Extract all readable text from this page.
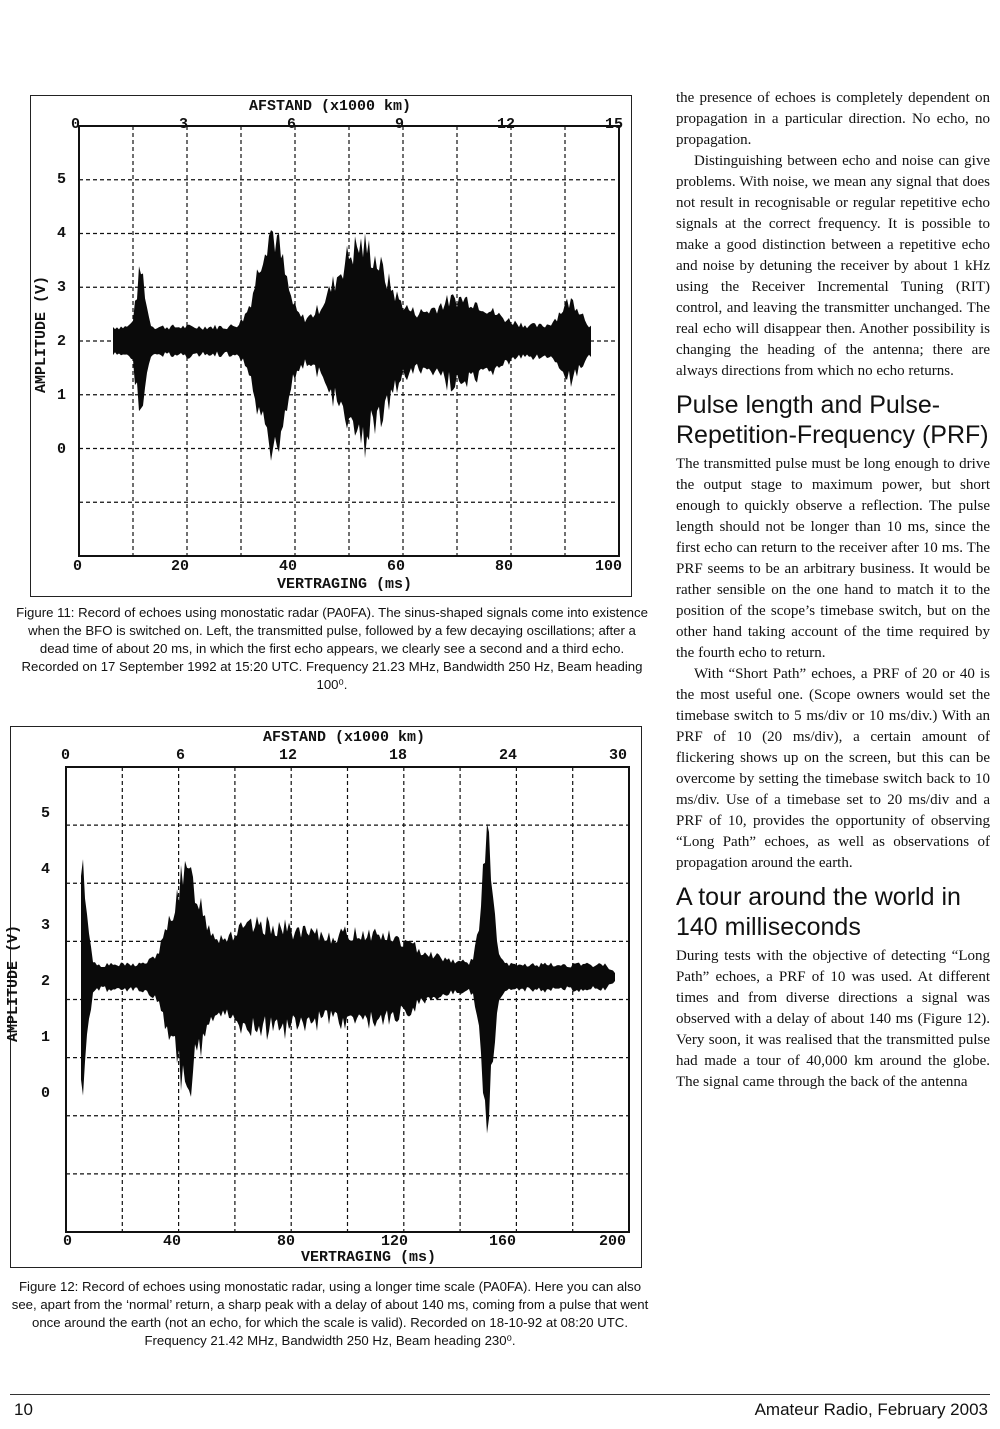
AFSTAND (x1000 km)
0	3	6	9	12	15
AMPLITUDE (V)
5
4
3
2
1
0
0	20	40	60	80	100
VERTRAGING (ms)
Figure 11: Record of echoes using monostatic radar (PA0FA). The sinus-shaped signals come into existence when the BFO is switched on. Left, the transmitted pulse, followed by a few decaying oscillations; after a dead time of about 20 ms, in which the first echo appears, we clearly see a second and a third echo. Recorded on 17 September 1992 at 15:20 UTC. Frequency 21.23 MHz, Bandwidth 250 Hz, Beam heading 100⁰.
AFSTAND (x1000 km)
0	6	12	18	24	30
AMPLITUDE (V)
5
4
3
2
1
0
0	40	80	120	160	200
VERTRAGING (ms)
Figure 12: Record of echoes using monostatic radar, using a longer time scale (PA0FA). Here you can also see, apart from the ‘normal’ return, a sharp peak with a delay of about 140 ms, coming from a pulse that went once around the earth (not an echo, for which the scale is valid). Recorded on 18-10-92 at 08:20 UTC. Frequency 21.42 MHz, Bandwidth 250 Hz, Beam heading 230⁰.

the presence of echoes is completely dependent on propagation in a particular direction. No echo, no propagation.

Distinguishing between echo and noise can give problems. With noise, we mean any signal that does not result in recognisable or regular repetitive echo signals at the correct frequency. It is possible to make a good distinction between a repetitive echo and noise by detuning the receiver by about 1 kHz using the Receiver Incremental Tuning (RIT) control, and leaving the transmitter unchanged. The real echo will disappear then. Another possibility is changing the heading of the antenna; there are always directions from which no echo returns.

Pulse length and Pulse-Repetition-Frequency (PRF)

The transmitted pulse must be long enough to drive the output stage to maximum power, but short enough to quickly observe a reflection. The pulse length should not be longer than 10 ms, since the first echo can return to the receiver after 10 ms. The PRF seems to be an arbitrary business. It would be rather sensible on the one hand to match it to the position of the scope’s timebase switch, but on the other hand taking account of the time required by the fourth echo to return.

With “Short Path” echoes, a PRF of 20 or 40 is the most useful one. (Scope owners would set the timebase switch to 5 ms/div or 10 ms/div.) With an PRF of 10 (20 ms/div), a certain amount of flickering shows up on the screen, but this can be overcome by setting the timebase switch back to 10 ms/div. Use of a timebase set to 20 ms/div and a PRF of 10, provides the opportunity of observing “Long Path” echoes, as well as observations of propagation around the earth.

A tour around the world in 140 milliseconds

During tests with the objective of detecting “Long Path” echoes, a PRF of 10 was used. At different times and from diverse directions a signal was observed with a delay of about 140 ms (Figure 12). Very soon, it was realised that the transmitted pulse had made a tour of 40,000 km around the globe. The signal came through the back of the antenna

10	Amateur Radio, February 2003
